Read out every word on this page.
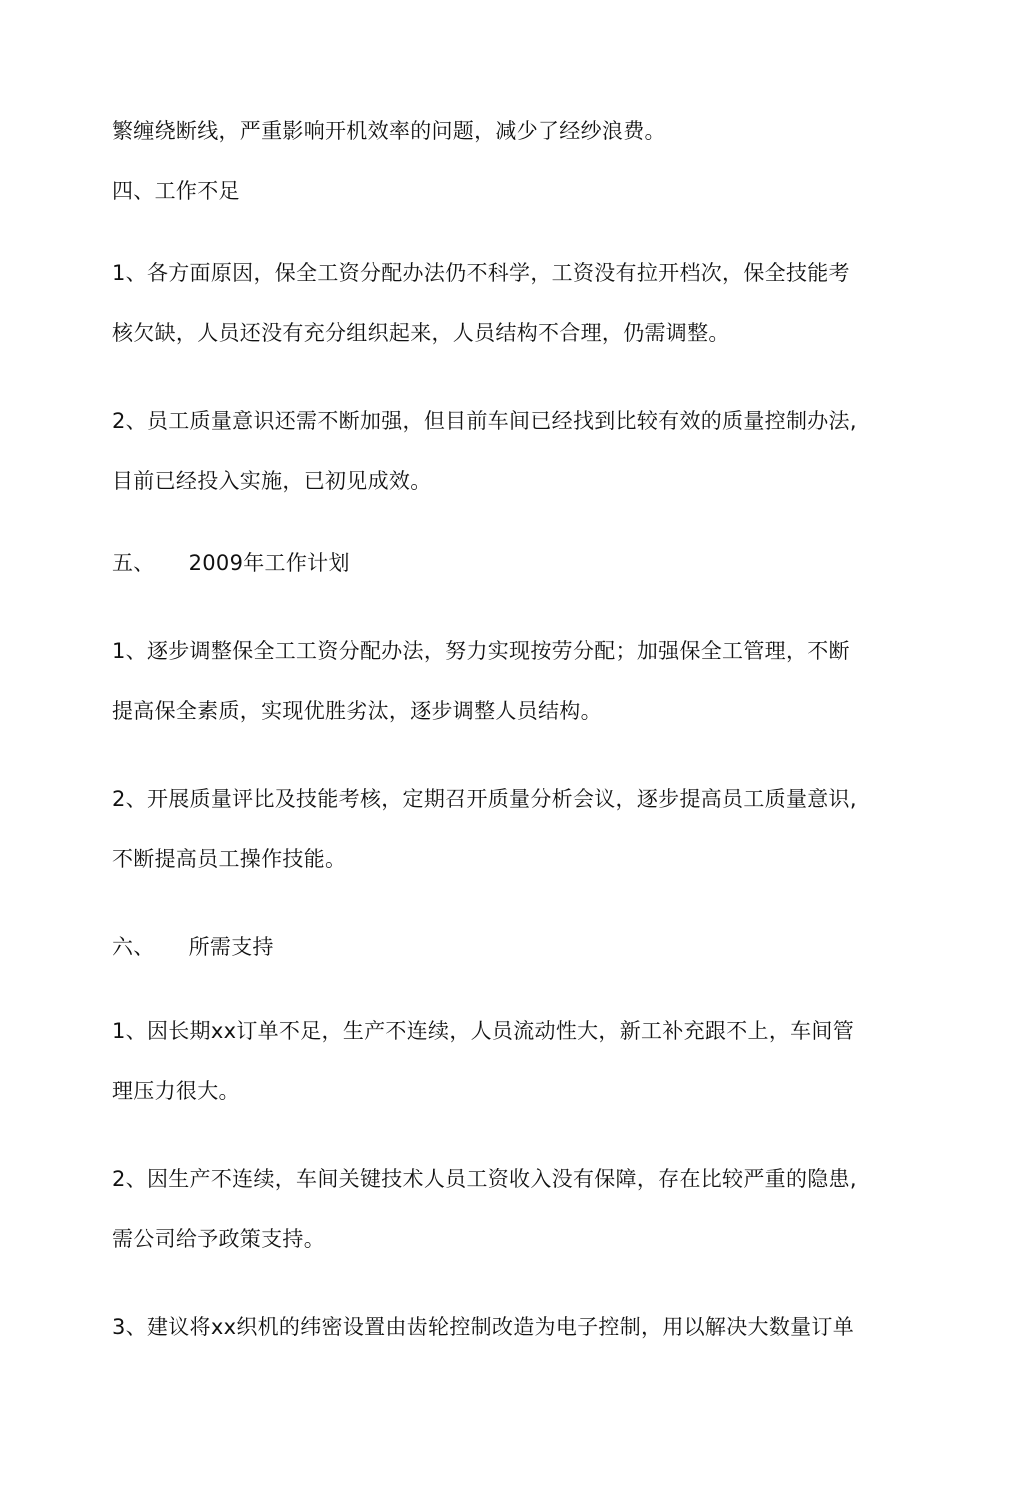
繁缠绕断线，严重影响开机效率的问题，减少了经纱浪费。
四、工作不足
1、各方面原因，保全工资分配办法仍不科学，工资没有拉开档次，保全技能考
核欠缺，人员还没有充分组织起来，人员结构不合理，仍需调整。
2、员工质量意识还需不断加强，但目前车间已经找到比较有效的质量控制办法,
目前已经投入实施，已初见成效。
五、 2009年工作计划
1、逐步调整保全工工资分配办法，努力实现按劳分配；加强保全工管理，不断
提高保全素质，实现优胜劣汰，逐步调整人员结构。
2、开展质量评比及技能考核，定期召开质量分析会议，逐步提高员工质量意识,
不断提高员工操作技能。
六、 所需支持
1、因长期xx订单不足，生产不连续，人员流动性大，新工补充跟不上，车间管
理压力很大。
2、因生产不连续，车间关键技术人员工资收入没有保障，存在比较严重的隐患,
需公司给予政策支持。
3、建议将xx织机的纬密设置由齿轮控制改造为电子控制，用以解决大数量订单
